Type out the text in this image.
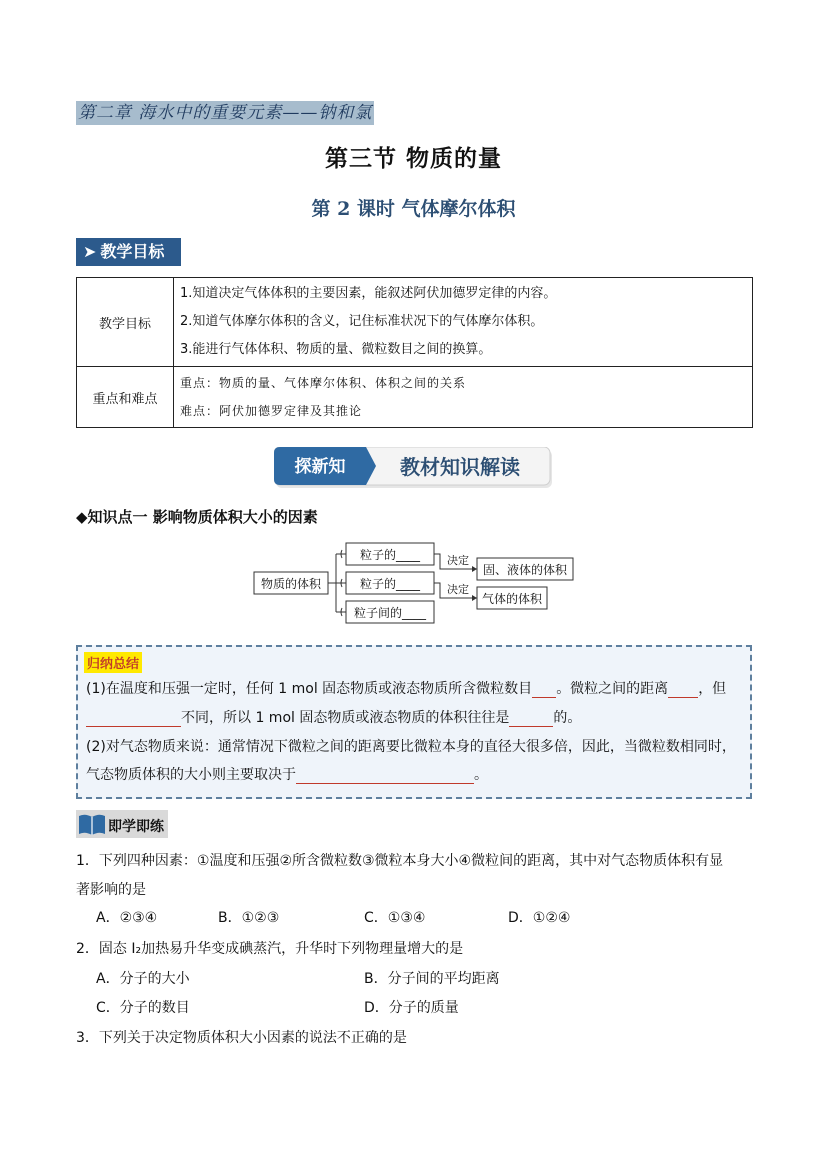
第二章 海水中的重要元素——钠和氯
第三节 物质的量
第 2 课时 气体摩尔体积
➤ 教学目标
教学目标	1.知道决定气体体积的主要因素，能叙述阿伏加德罗定律的内容。

2.知道气体摩尔体积的含义，记住标准状况下的气体摩尔体积。

3.能进行气体体积、物质的量、微粒数目之间的换算。

重点和难点	重点：物质的量、气体摩尔体积、体积之间的关系

难点：阿伏加德罗定律及其推论

探新知	教材知识解读
◆知识点一 影响物质体积大小的因素
物质的体积
粒子的____
粒子的____
粒子间的____
决定
决定
固、液体的体积
气体的体积
归纳总结
(1)在温度和压强一定时，任何 1 mol 固态物质或液态物质所含微粒数目 。微粒之间的距离 ，但
不同，所以 1 mol 固态物质或液态物质的体积往往是	的。
(2)对气态物质来说：通常情况下微粒之间的距离要比微粒本身的直径大很多倍，因此，当微粒数相同时，
气态物质体积的大小则主要取决于	。
即学即练
1．下列四种因素：①温度和压强②所含微粒数③微粒本身大小④微粒间的距离，其中对气态物质体积有显
著影响的是
A．②③④	B．①②③	C．①③④	D．①②④
2．固态 I₂加热易升华变成碘蒸汽，升华时下列物理量增大的是
A．分子的大小	B．分子间的平均距离
C．分子的数目	D．分子的质量
3．下列关于决定物质体积大小因素的说法不正确的是
